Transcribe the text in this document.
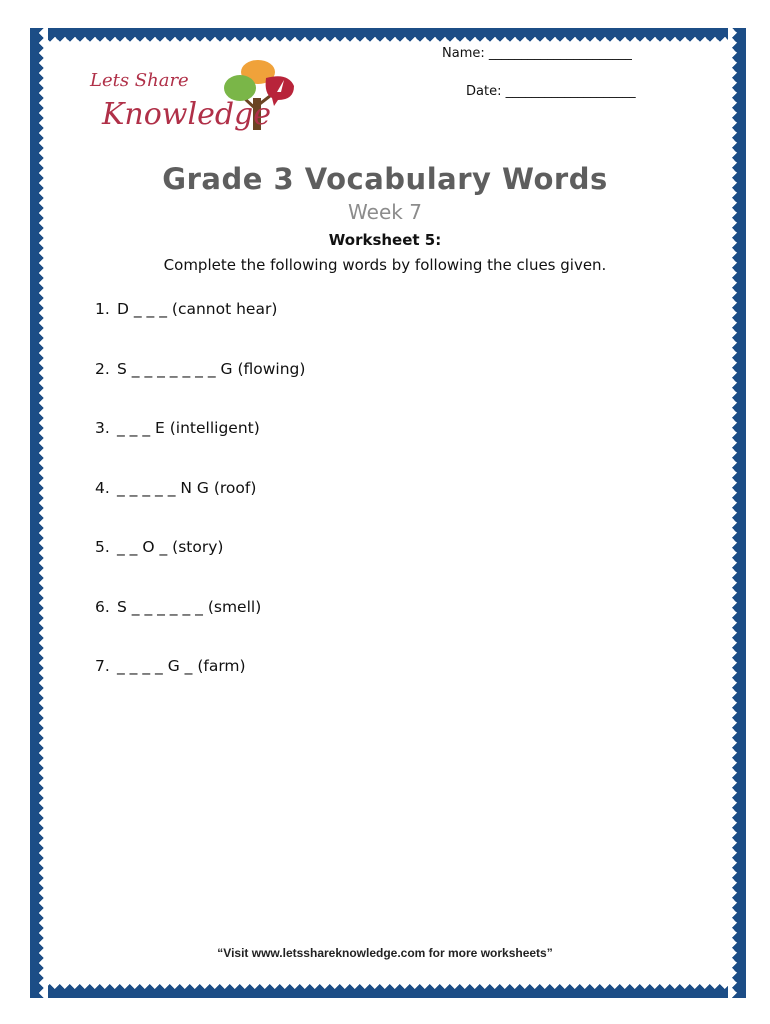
Name: ______________________
Date: ____________________
Lets Share
Knowledge
Grade 3 Vocabulary Words
Week 7
Worksheet 5:
Complete the following words by following the clues given.
1. D _ _ _ (cannot hear)
2. S _ _ _ _ _ _ _ G (flowing)
3. _ _ _ E (intelligent)
4. _ _ _ _ _ N G (roof)
5. _ _ O _ (story)
6. S _ _ _ _ _ _ (smell)
7. _ _ _ _ G _ (farm)
“Visit www.letsshareknowledge.com for more worksheets”
